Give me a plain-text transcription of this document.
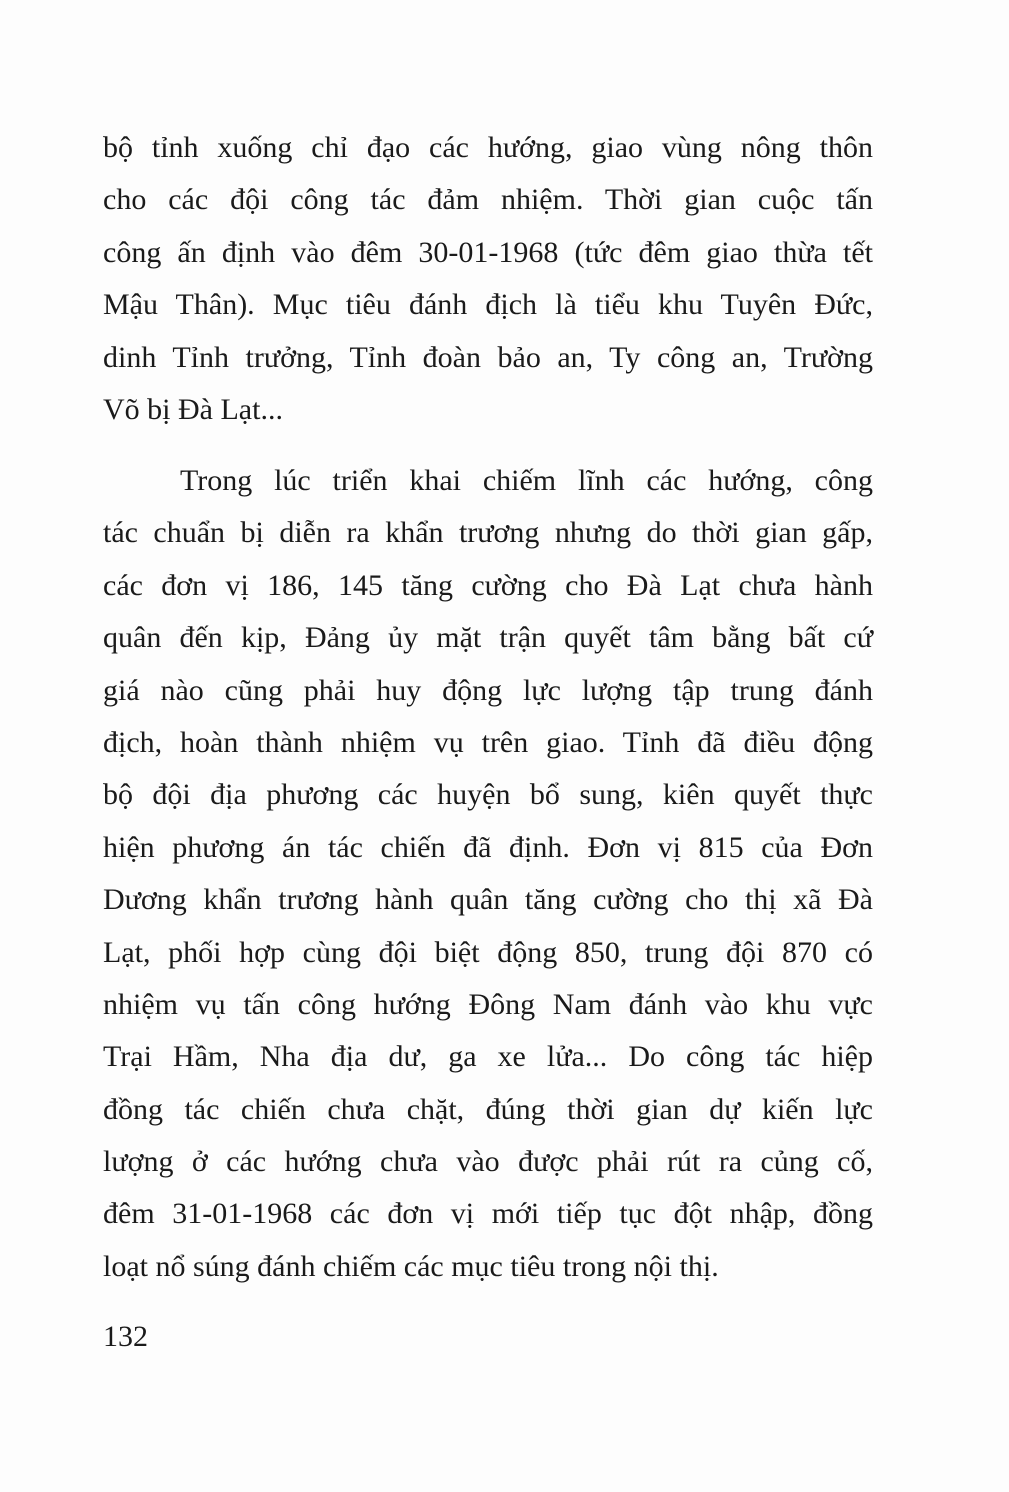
bộ tỉnh xuống chỉ đạo các hướng, giao vùng nông thôn
cho các đội công tác đảm nhiệm. Thời gian cuộc tấn
công ấn định vào đêm 30-01-1968 (tức đêm giao thừa tết
Mậu Thân). Mục tiêu đánh địch là tiểu khu Tuyên Đức,
dinh Tỉnh trưởng, Tỉnh đoàn bảo an, Ty công an, Trường
Võ bị Đà Lạt...
Trong lúc triển khai chiếm lĩnh các hướng, công
tác chuẩn bị diễn ra khẩn trương nhưng do thời gian gấp,
các đơn vị 186, 145 tăng cường cho Đà Lạt chưa hành
quân đến kịp, Đảng ủy mặt trận quyết tâm bằng bất cứ
giá nào cũng phải huy động lực lượng tập trung đánh
địch, hoàn thành nhiệm vụ trên giao. Tỉnh đã điều động
bộ đội địa phương các huyện bổ sung, kiên quyết thực
hiện phương án tác chiến đã định. Đơn vị 815 của Đơn
Dương khẩn trương hành quân tăng cường cho thị xã Đà
Lạt, phối hợp cùng đội biệt động 850, trung đội 870 có
nhiệm vụ tấn công hướng Đông Nam đánh vào khu vực
Trại Hầm, Nha địa dư, ga xe lửa... Do công tác hiệp
đồng tác chiến chưa chặt, đúng thời gian dự kiến lực
lượng ở các hướng chưa vào được phải rút ra củng cố,
đêm 31-01-1968 các đơn vị mới tiếp tục đột nhập, đồng
loạt nổ súng đánh chiếm các mục tiêu trong nội thị.
132
